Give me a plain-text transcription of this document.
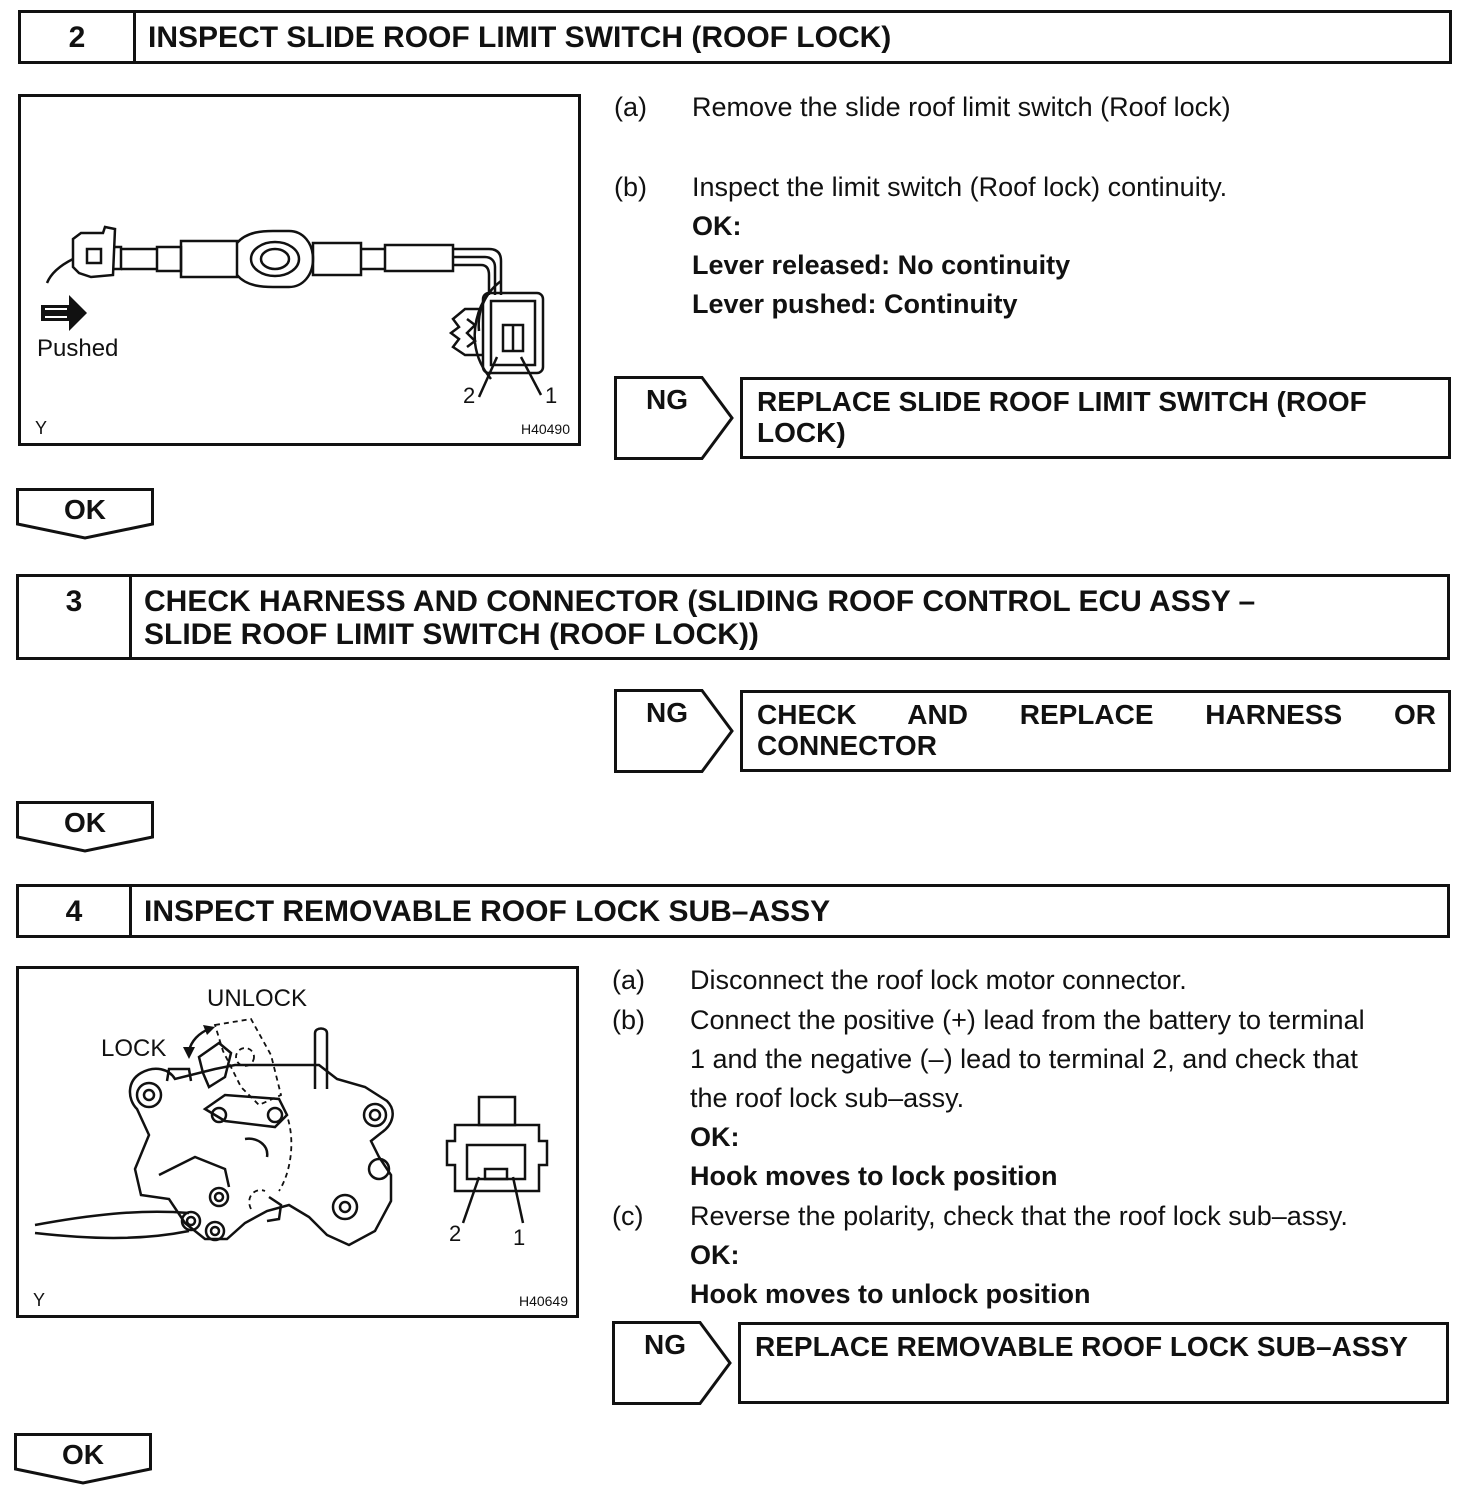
2	INSPECT SLIDE ROOF LIMIT SWITCH (ROOF LOCK)
Pushed
2	1
Y	H40490
(a) Remove the slide roof limit switch (Roof lock)
(b) Inspect the limit switch (Roof lock) continuity.
OK:
Lever released: No continuity
Lever pushed: Continuity
NG	REPLACE SLIDE ROOF LIMIT SWITCH (ROOF LOCK)
OK
3	CHECK HARNESS AND CONNECTOR (SLIDING ROOF CONTROL ECU ASSY –
SLIDE ROOF LIMIT SWITCH (ROOF LOCK))
NG	CHECK AND REPLACE HARNESS OR CONNECTOR
OK
4	INSPECT REMOVABLE ROOF LOCK SUB–ASSY
UNLOCK
LOCK
2 1
Y	H40649
(a) Disconnect the roof lock motor connector.
(b) Connect the positive (+) lead from the battery to terminal
1 and the negative (–) lead to terminal 2, and check that
the roof lock sub–assy.
OK:
Hook moves to lock position
(c) Reverse the polarity, check that the roof lock sub–assy.
OK:
Hook moves to unlock position
NG	REPLACE REMOVABLE ROOF LOCK SUB–ASSY
OK
